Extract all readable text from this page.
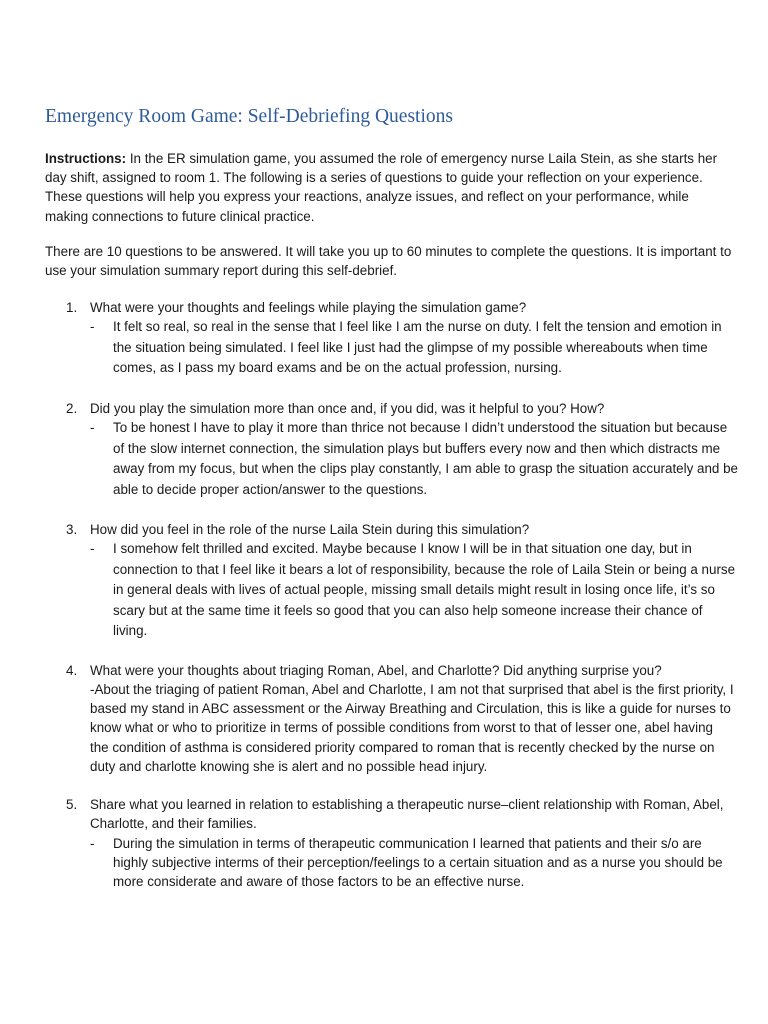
Emergency Room Game: Self-Debriefing Questions

Instructions: In the ER simulation game, you assumed the role of emergency nurse Laila Stein, as she starts her day shift, assigned to room 1. The following is a series of questions to guide your reflection on your experience. These questions will help you express your reactions, analyze issues, and reflect on your performance, while making connections to future clinical practice.

There are 10 questions to be answered. It will take you up to 60 minutes to complete the questions. It is important to use your simulation summary report during this self-debrief.

1. What were your thoughts and feelings while playing the simulation game?
- It felt so real, so real in the sense that I feel like I am the nurse on duty. I felt the tension and emotion in the situation being simulated. I feel like I just had the glimpse of my possible whereabouts when time comes, as I pass my board exams and be on the actual profession, nursing.
2. Did you play the simulation more than once and, if you did, was it helpful to you? How?
- To be honest I have to play it more than thrice not because I didn’t understood the situation but because of the slow internet connection, the simulation plays but buffers every now and then which distracts me away from my focus, but when the clips play constantly, I am able to grasp the situation accurately and be able to decide proper action/answer to the questions.
3. How did you feel in the role of the nurse Laila Stein during this simulation?
- I somehow felt thrilled and excited. Maybe because I know I will be in that situation one day, but in connection to that I feel like it bears a lot of responsibility, because the role of Laila Stein or being a nurse in general deals with lives of actual people, missing small details might result in losing once life, it’s so scary but at the same time it feels so good that you can also help someone increase their chance of living.
4. What were your thoughts about triaging Roman, Abel, and Charlotte? Did anything surprise you?
-About the triaging of patient Roman, Abel and Charlotte, I am not that surprised that abel is the first priority, I based my stand in ABC assessment or the Airway Breathing and Circulation, this is like a guide for nurses to know what or who to prioritize in terms of possible conditions from worst to that of lesser one, abel having the condition of asthma is considered priority compared to roman that is recently checked by the nurse on duty and charlotte knowing she is alert and no possible head injury.
5. Share what you learned in relation to establishing a therapeutic nurse–client relationship with Roman, Abel, Charlotte, and their families.
- During the simulation in terms of therapeutic communication I learned that patients and their s/o are highly subjective interms of their perception/feelings to a certain situation and as a nurse you should be more considerate and aware of those factors to be an effective nurse.
